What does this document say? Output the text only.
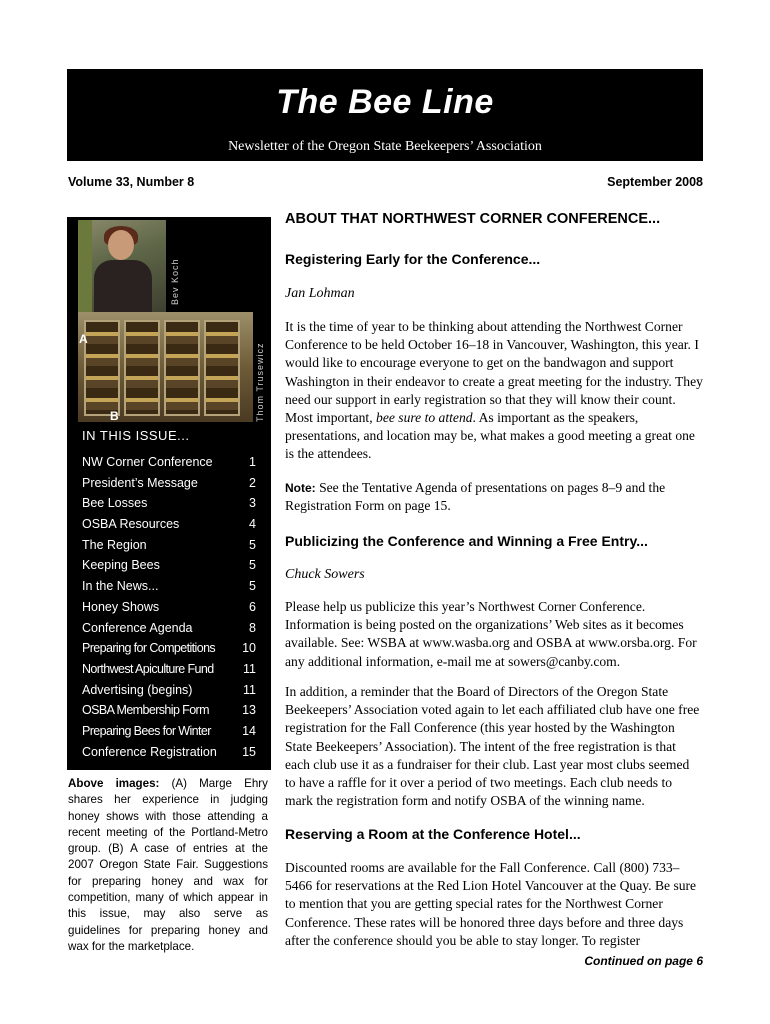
The Bee Line
Newsletter of the Oregon State Beekeepers’ Association
Volume 33, Number 8	September 2008
Bev Koch
A
B	Thom Trusewicz
IN THIS ISSUE...
NW Corner Conference	1
President’s Message	2
Bee Losses	3
OSBA Resources	4
The Region	5
Keeping Bees	5
In the News...	5
Honey Shows	6
Conference Agenda	8
Preparing for Competitions 10
Northwest Apiculture Fund 11
Advertising (begins)	11
OSBA Membership Form	13
Preparing Bees for Winter	14
Conference Registration 15
Above images: (A) Marge Ehry shares her experience in judging honey shows with those attending a recent meeting of the Portland-Metro group. (B) A case of entries at the 2007 Oregon State Fair. Suggestions for preparing honey and wax for competition, many of which appear in this issue, may also serve as guidelines for preparing honey and wax for the marketplace.
ABOUT THAT NORTHWEST CORNER CONFERENCE...
Registering Early for the Conference...
Jan Lohman
It is the time of year to be thinking about attending the Northwest Corner Conference to be held October 16–18 in Vancouver, Washington, this year. I would like to encourage everyone to get on the bandwagon and support Washington in their endeavor to create a great meeting for the industry. They need our support in early registration so that they will know their count. Most important, bee sure to attend. As important as the speakers, presentations, and location may be, what makes a good meeting a great one is the attendees.
Note: See the Tentative Agenda of presentations on pages 8–9 and the Registration Form on page 15.
Publicizing the Conference and Winning a Free Entry...
Chuck Sowers
Please help us publicize this year’s Northwest Corner Conference. Information is being posted on the organizations’ Web sites as it becomes available. See: WSBA at www.wasba.org and OSBA at www.orsba.org. For any additional information, e-mail me at sowers@canby.com.
In addition, a reminder that the Board of Directors of the Oregon State Beekeepers’ Association voted again to let each affiliated club have one free registration for the Fall Conference (this year hosted by the Washington State Beekeepers’ Association). The intent of the free registration is that each club use it as a fundraiser for their club. Last year most clubs seemed to have a raffle for it over a period of two meetings. Each club needs to mark the registration form and notify OSBA of the winning name.
Reserving a Room at the Conference Hotel...
Discounted rooms are available for the Fall Conference. Call (800) 733–5466 for reservations at the Red Lion Hotel Vancouver at the Quay. Be sure to mention that you are getting special rates for the Northwest Corner Conference. These rates will be honored three days before and three days after the conference should you be able to stay longer. To register
Continued on page 6
